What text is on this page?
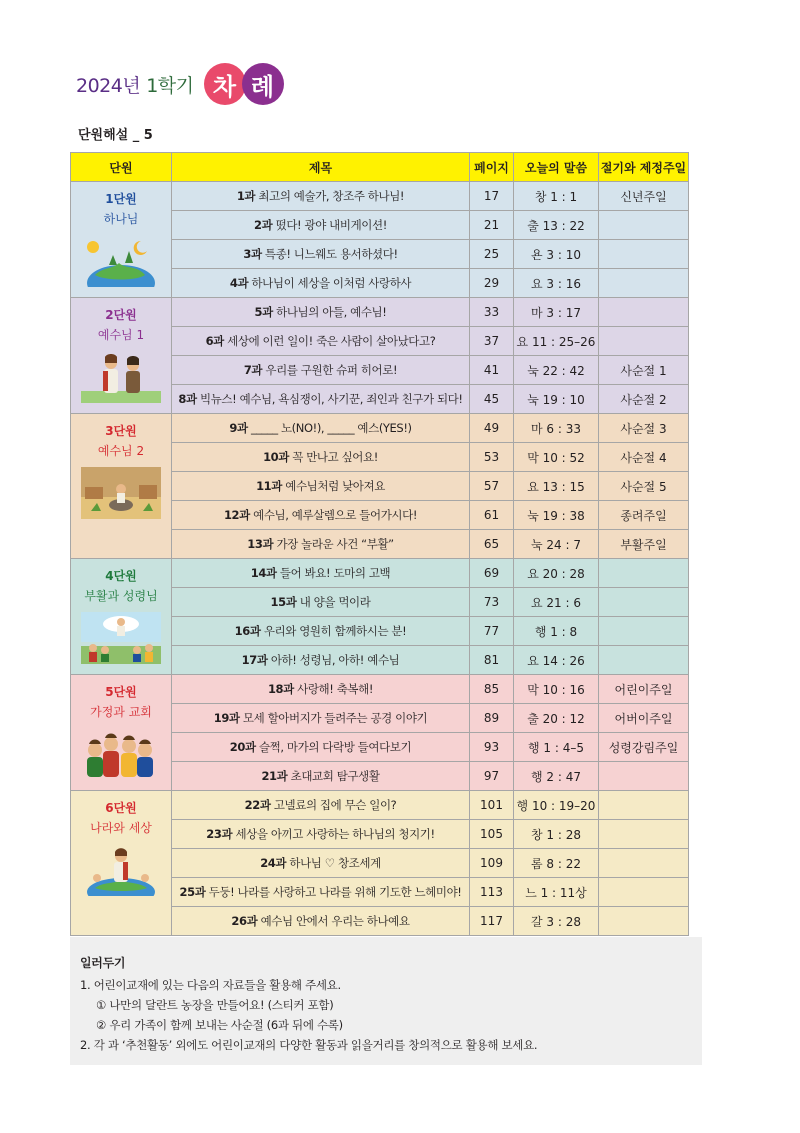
2024년 1학기 차 례
단원해설 _ 5
단원	제목	페이지	오늘의 말씀	절기와 제정주일

1단원
하나님	1과 최고의 예술가, 창조주 하나님!	17	창 1 : 1	신년주일
	2과 떴다! 광야 내비게이션!	21	출 13 : 22	
	3과 특종! 니느웨도 용서하셨다!	25	욘 3 : 10	
	4과 하나님이 세상을 이처럼 사랑하사	29	요 3 : 16	

2단원
예수님 1	5과 하나님의 아들, 예수님!	33	마 3 : 17	
	6과 세상에 이런 일이! 죽은 사람이 살아났다고?	37	요 11 : 25–26	
	7과 우리를 구원한 슈퍼 히어로!	41	눅 22 : 42	사순절 1
	8과 빅뉴스! 예수님, 욕심쟁이, 사기꾼, 죄인과 친구가 되다!	45	눅 19 : 10	사순절 2

3단원
예수님 2	9과 _____ 노(NO!), _____ 예스(YES!)	49	마 6 : 33	사순절 3
	10과 꼭 만나고 싶어요!	53	막 10 : 52	사순절 4
	11과 예수님처럼 낮아져요	57	요 13 : 15	사순절 5
	12과 예수님, 예루살렘으로 들어가시다!	61	눅 19 : 38	종려주일
	13과 가장 놀라운 사건 “부활”	65	눅 24 : 7	부활주일

4단원
부활과 성령님	14과 들어 봐요! 도마의 고백	69	요 20 : 28	
	15과 내 양을 먹이라	73	요 21 : 6	
	16과 우리와 영원히 함께하시는 분!	77	행 1 : 8	
	17과 아하! 성령님, 아하! 예수님	81	요 14 : 26	

5단원
가정과 교회	18과 사랑해! 축복해!	85	막 10 : 16	어린이주일
	19과 모세 할아버지가 들려주는 공경 이야기	89	출 20 : 12	어버이주일
	20과 슬쩍, 마가의 다락방 들여다보기	93	행 1 : 4–5	성령강림주일
	21과 초대교회 탐구생활	97	행 2 : 47	

6단원
나라와 세상	22과 고넬료의 집에 무슨 일이?	101	행 10 : 19–20	
	23과 세상을 아끼고 사랑하는 하나님의 청지기!	105	창 1 : 28	
	24과 하나님 ♡ 창조세계	109	롬 8 : 22	
	25과 두둥! 나라를 사랑하고 나라를 위해 기도한 느헤미야!	113	느 1 : 11상	
	26과 예수님 안에서 우리는 하나예요	117	갈 3 : 28	
일러두기
1. 어린이교재에 있는 다음의 자료들을 활용해 주세요.
① 나만의 달란트 농장을 만들어요! (스티커 포함)
② 우리 가족이 함께 보내는 사순절 (6과 뒤에 수록)
2. 각 과 ‘추천활동’ 외에도 어린이교재의 다양한 활동과 읽을거리를 창의적으로 활용해 보세요.
